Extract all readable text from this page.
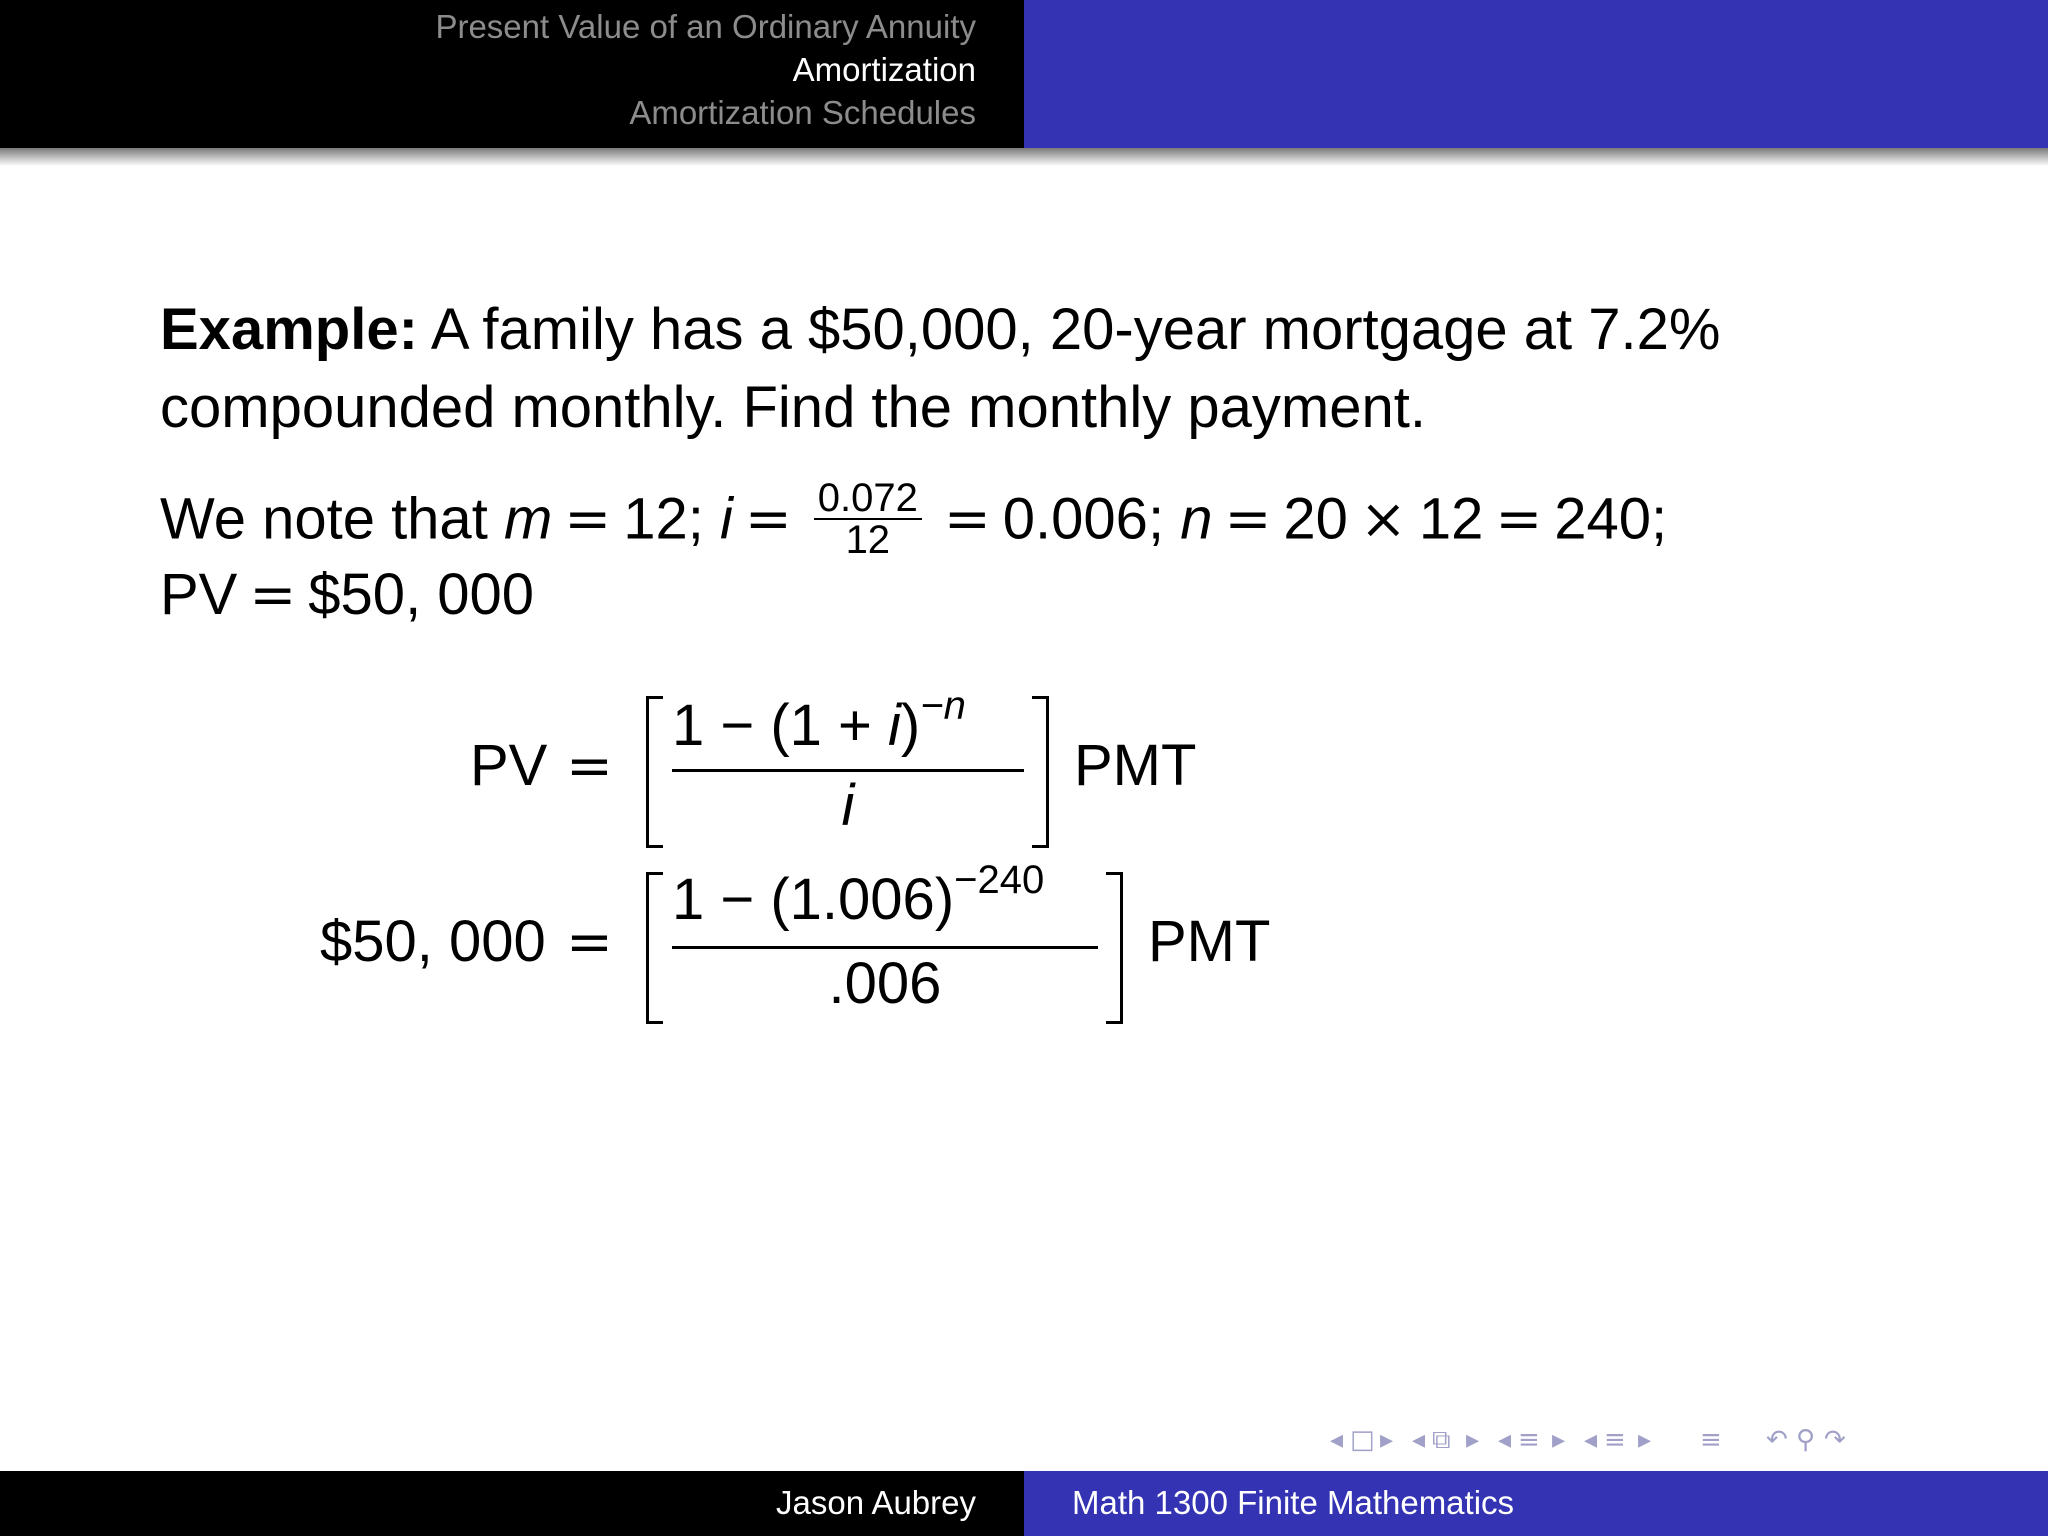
Present Value of an Ordinary Annuity
Amortization
Amortization Schedules
Example: A family has a $50,000, 20-year mortgage at 7.2%
compounded monthly. Find the monthly payment.
We note that m = 12; $i = \frac{0.072}{12} = 0.006$; n = 20 × 12 = 240;
PV = $50, 000
PV =
$1 - (1 + i)^{-n}$
i
PMT
$50, 000 =
$1 - (1.006)^{-240}$
.006
PMT
◂ □ ▸ ◂ ⧉ ▸ ◂ ≡ ▸ ◂ ≡ ▸ ≡ ↶ ⚲ ↷
Jason Aubrey	Math 1300 Finite Mathematics
